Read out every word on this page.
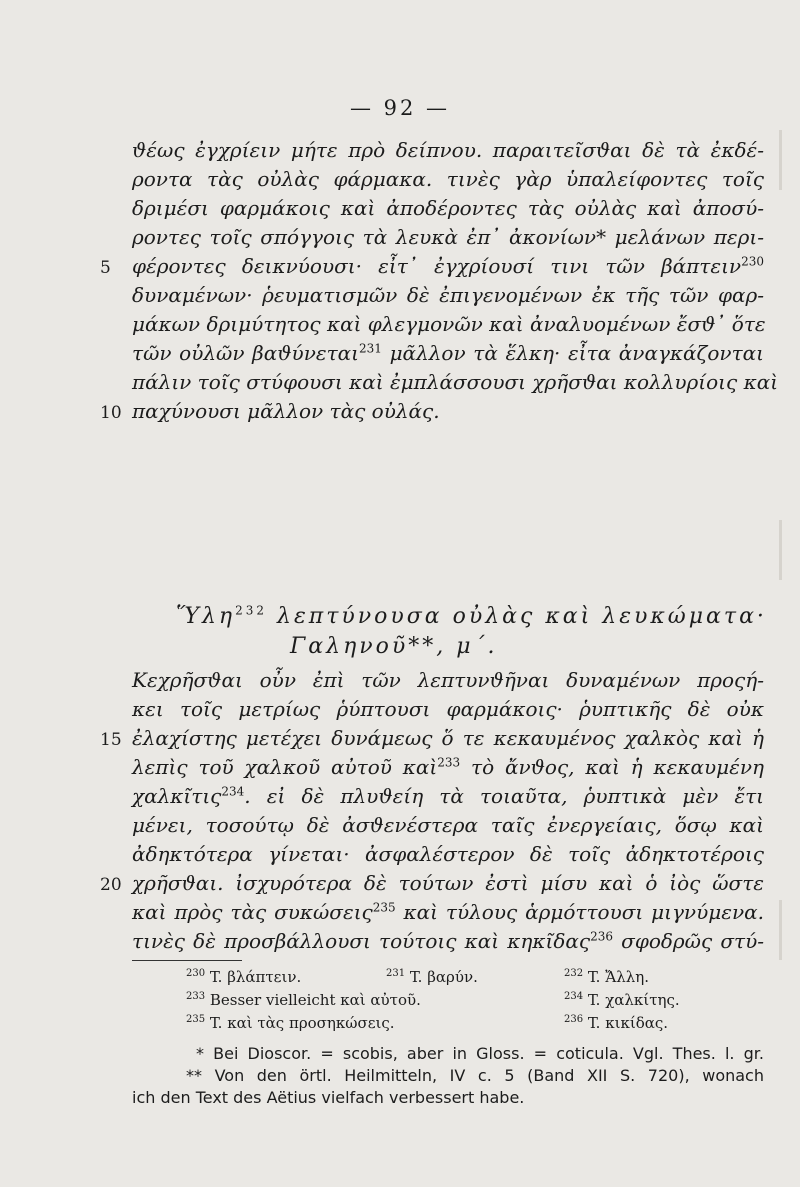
— 92 —
ϑέως ἐγχρίειν μήτε πρὸ δείπνου. παραιτεῖσϑαι δὲ τὰ ἐκδέ-
ροντα τὰς οὐλὰς φάρμακα. τινὲς γὰρ ὑπαλείφοντες τοῖς
δριμέσι φαρμάκοις καὶ ἀποδέροντες τὰς οὐλὰς καὶ ἀποσύ-
ροντες τοῖς σπόγγοις τὰ λευκὰ ἐπ᾽ ἀκονίων* μελάνων περι-
φέροντες δεικνύουσι· εἶτ᾽ ἐγχρίουσί τινι τῶν βάπτειν$^{230}$
δυναμένων· ῥευματισμῶν δὲ ἐπιγενομένων ἐκ τῆς τῶν φαρ-
μάκων δριμύτητος καὶ φλεγμονῶν καὶ ἀναλυομένων ἔσϑ᾽ ὅτε
τῶν οὐλῶν βαϑύνεται$^{231}$ μᾶλλον τὰ ἕλκη· εἶτα ἀναγκάζονται
πάλιν τοῖς στύφουσι καὶ ἐμπλάσσουσι χρῆσϑαι κολλυρίοις καὶ
παχύνουσι μᾶλλον τὰς οὐλάς.
5
10
Ὕλη$^{232}$ λεπτύνουσα οὐλὰς καὶ λευκώματα·
Γαληνοῦ**, μ΄.
Κεχρῆσϑαι οὖν ἐπὶ τῶν λεπτυνϑῆναι δυναμένων προςή-
κει τοῖς μετρίως ῥύπτουσι φαρμάκοις· ῥυπτικῆς δὲ οὐκ
ἐλαχίστης μετέχει δυνάμεως ὅ τε κεκαυμένος χαλκὸς καὶ ἡ
λεπὶς τοῦ χαλκοῦ αὐτοῦ καὶ$^{233}$ τὸ ἄνϑος, καὶ ἡ κεκαυμένη
χαλκῖτις$^{234}$. εἰ δὲ πλυϑείη τὰ τοιαῦτα, ῥυπτικὰ μὲν ἔτι
μένει, τοσούτῳ δὲ ἀσϑενέστερα ταῖς ἐνεργείαις, ὅσῳ καὶ
ἀδηκτότερα γίνεται· ἀσφαλέστερον δὲ τοῖς ἀδηκτοτέροις
χρῆσϑαι. ἰσχυρότερα δὲ τούτων ἐστὶ μίσυ καὶ ὁ ἰὸς ὥστε
καὶ πρὸς τὰς συκώσεις$^{235}$ καὶ τύλους ἁρμόττουσι μιγνύμενα.
τινὲς δὲ προσβάλλουσι τούτοις καὶ κηκῖδας$^{236}$ σφοδρῶς στύ-
15
20
$^{230}$ T. βλάπτειν.	$^{231}$ T. βαρύν.	$^{232}$ T. Ἄλλη.
$^{233}$ Besser vielleicht καὶ αὐτοῦ.	$^{234}$ T. χαλκίτης.
$^{235}$ T. καὶ τὰς προσηκώσεις.	$^{236}$ T. κικίδας.
* Bei Dioscor. = scobis, aber in Gloss. = coticula. Vgl. Thes. l. gr.
** Von den örtl. Heilmitteln, IV c. 5 (Band XII S. 720), wonach
ich den Text des Aëtius vielfach verbessert habe.
